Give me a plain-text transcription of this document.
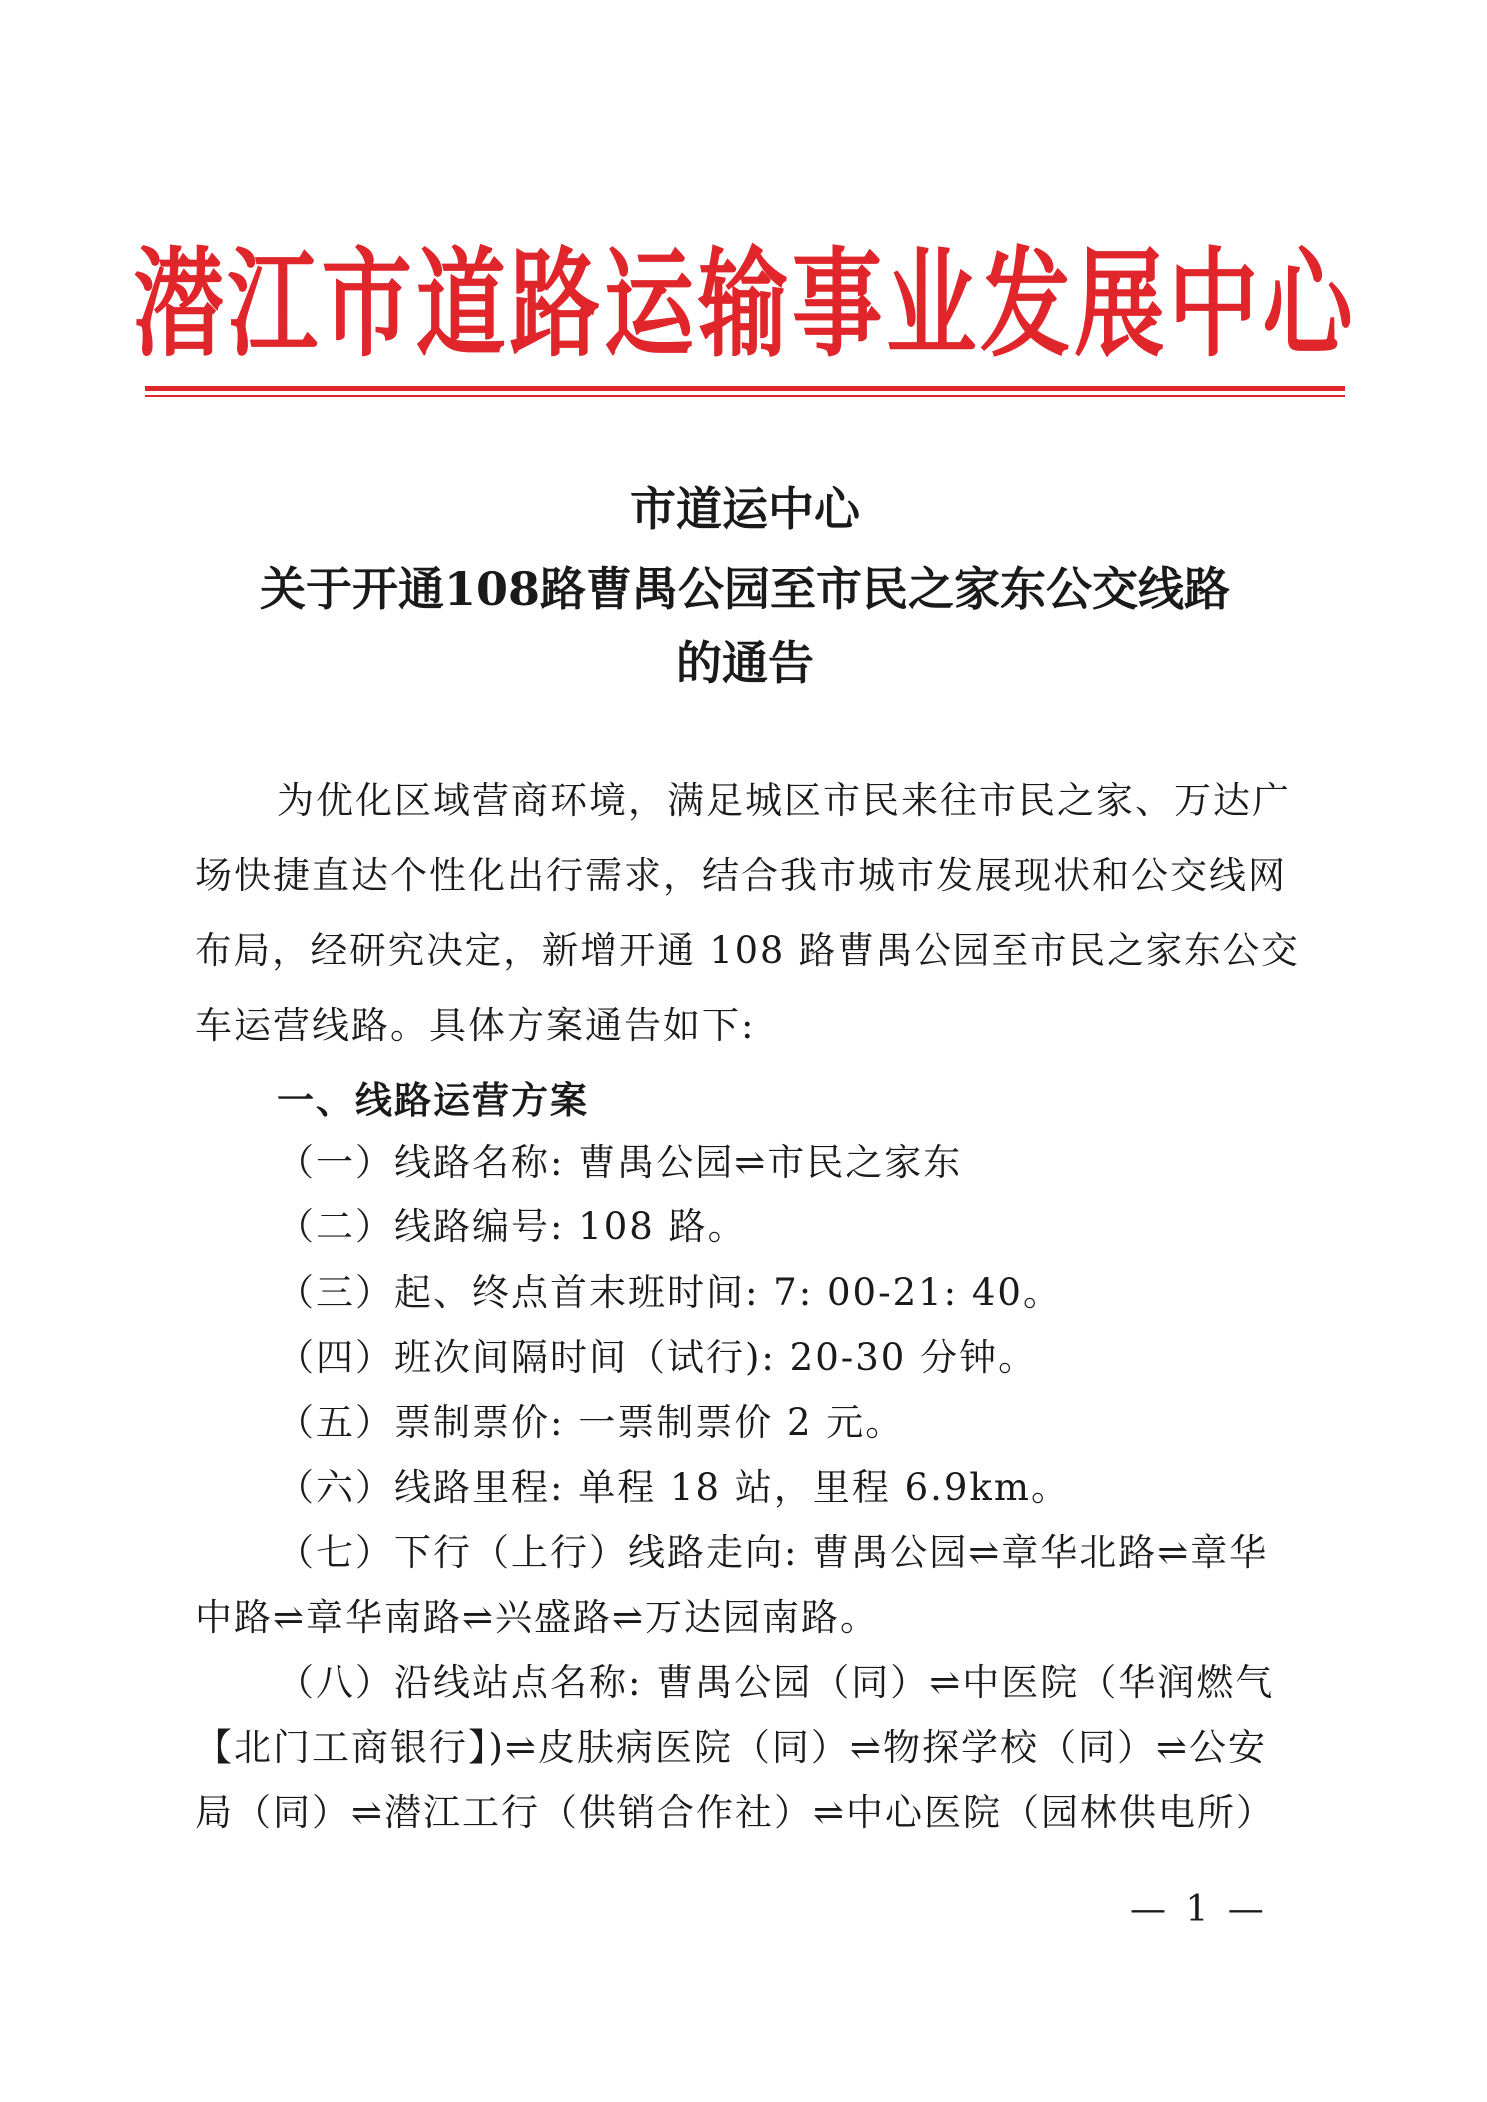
潜江市道路运输事业发展中心
市道运中心
关于开通108路曹禺公园至市民之家东公交线路
的通告
为优化区域营商环境，满足城区市民来往市民之家、万达广
场快捷直达个性化出行需求，结合我市城市发展现状和公交线网
布局，经研究决定，新增开通 108 路曹禺公园至市民之家东公交
车运营线路。具体方案通告如下:
一、线路运营方案
（一）线路名称: 曹禺公园⇌市民之家东
（二）线路编号: 108 路。
（三）起、终点首末班时间: 7: 00-21: 40。
（四）班次间隔时间（试行): 20-30 分钟。
（五）票制票价: 一票制票价 2 元。
（六）线路里程: 单程 18 站，里程 6.9km。
（七）下行（上行）线路走向: 曹禺公园⇌章华北路⇌章华
中路⇌章华南路⇌兴盛路⇌万达园南路。
（八）沿线站点名称: 曹禺公园（同）⇌中医院（华润燃气
【北门工商银行】)⇌皮肤病医院（同）⇌物探学校（同）⇌公安
局（同）⇌潜江工行（供销合作社）⇌中心医院（园林供电所）
— 1 —
